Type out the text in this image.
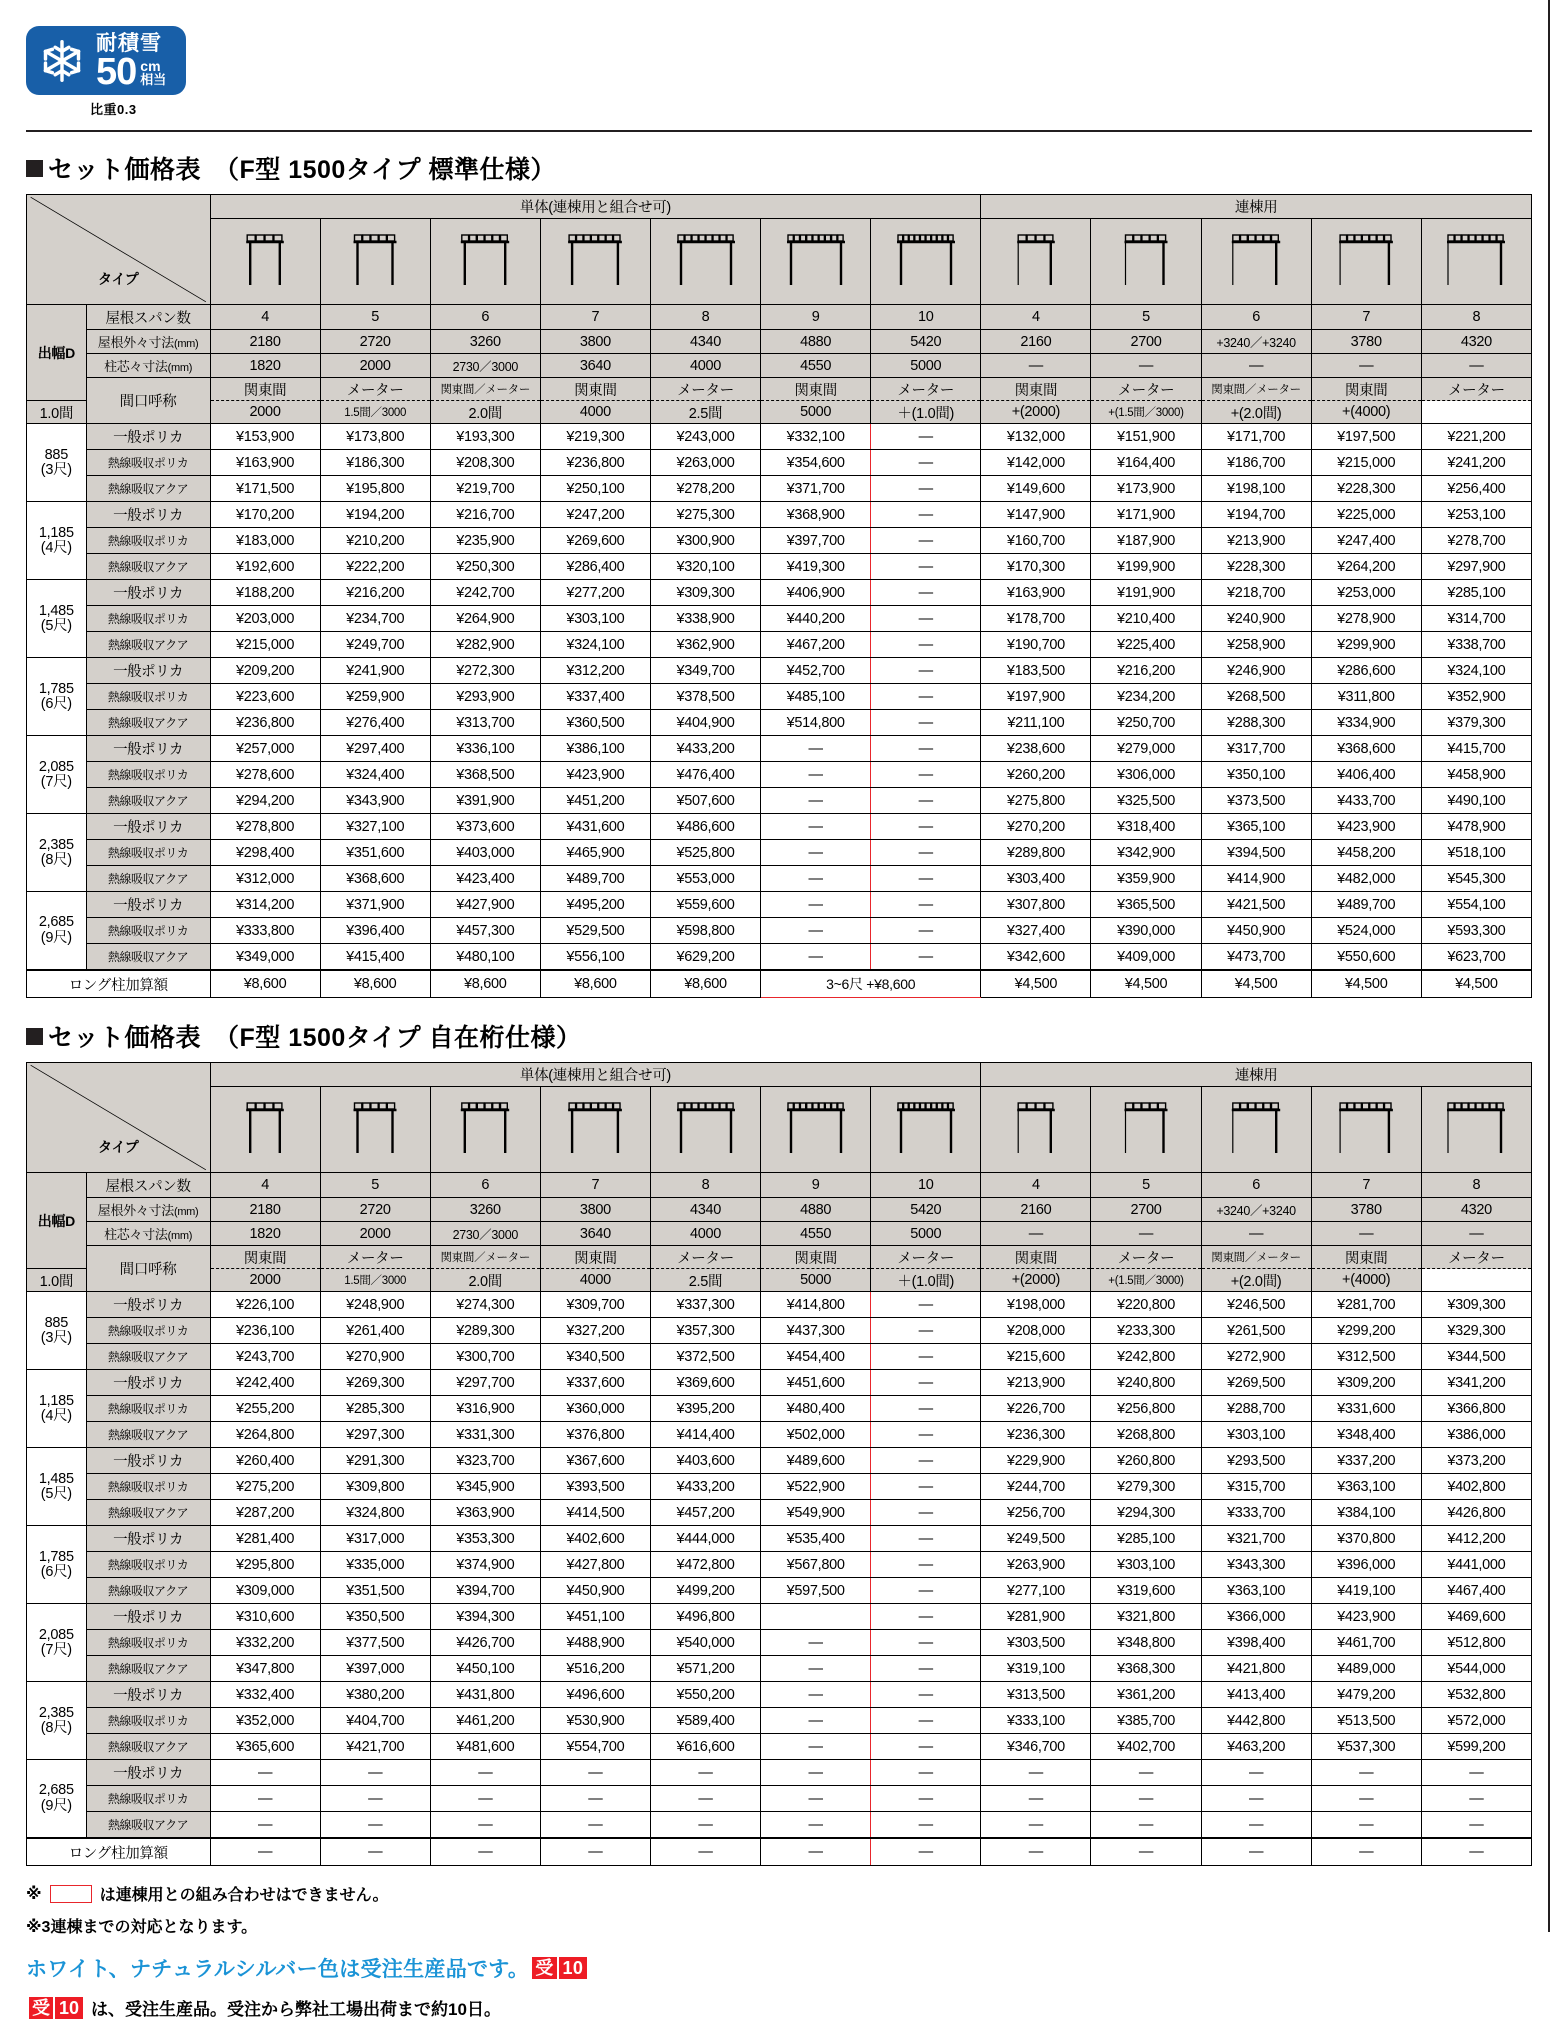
耐積雪
50 cm
相当
比重0.3
セット価格表　（F型 1500タイプ 標準仕様）
タイプ		単体(連棟用と組合せ可)							連棟用				

出幅D	屋根スパン数	4	5	6	7	8	9	10	4	5	6	7	8
	屋根外々寸法(mm)	2180	2720	3260	3800	4340	4880	5420	2160	2700	+3240／+3240	3780	4320
	柱芯々寸法(mm)	1820	2000	2730／3000	3640	4000	4550	5000	—	—	—	—	—
	間口呼称	関東間	メーター	関東間／メーター	関東間	メーター	関東間	メーター	関東間	メーター	関東間／メーター	関東間	メーター
1.0間		2000	1.5間／3000	2.0間	4000	2.5間	5000	＋(1.0間)	+(2000)	+(1.5間／3000)	+(2.0間)	+(4000)	
885
(3尺)	一般ポリカ	¥153,900	¥173,800	¥193,300	¥219,300	¥243,000	¥332,100	—	¥132,000	¥151,900	¥171,700	¥197,500	¥221,200
	熱線吸収ポリカ	¥163,900	¥186,300	¥208,300	¥236,800	¥263,000	¥354,600	—	¥142,000	¥164,400	¥186,700	¥215,000	¥241,200
	熱線吸収アクア	¥171,500	¥195,800	¥219,700	¥250,100	¥278,200	¥371,700	—	¥149,600	¥173,900	¥198,100	¥228,300	¥256,400
1,185
(4尺)	一般ポリカ	¥170,200	¥194,200	¥216,700	¥247,200	¥275,300	¥368,900	—	¥147,900	¥171,900	¥194,700	¥225,000	¥253,100
	熱線吸収ポリカ	¥183,000	¥210,200	¥235,900	¥269,600	¥300,900	¥397,700	—	¥160,700	¥187,900	¥213,900	¥247,400	¥278,700
	熱線吸収アクア	¥192,600	¥222,200	¥250,300	¥286,400	¥320,100	¥419,300	—	¥170,300	¥199,900	¥228,300	¥264,200	¥297,900
1,485
(5尺)	一般ポリカ	¥188,200	¥216,200	¥242,700	¥277,200	¥309,300	¥406,900	—	¥163,900	¥191,900	¥218,700	¥253,000	¥285,100
	熱線吸収ポリカ	¥203,000	¥234,700	¥264,900	¥303,100	¥338,900	¥440,200	—	¥178,700	¥210,400	¥240,900	¥278,900	¥314,700
	熱線吸収アクア	¥215,000	¥249,700	¥282,900	¥324,100	¥362,900	¥467,200	—	¥190,700	¥225,400	¥258,900	¥299,900	¥338,700
1,785
(6尺)	一般ポリカ	¥209,200	¥241,900	¥272,300	¥312,200	¥349,700	¥452,700	—	¥183,500	¥216,200	¥246,900	¥286,600	¥324,100
	熱線吸収ポリカ	¥223,600	¥259,900	¥293,900	¥337,400	¥378,500	¥485,100	—	¥197,900	¥234,200	¥268,500	¥311,800	¥352,900
	熱線吸収アクア	¥236,800	¥276,400	¥313,700	¥360,500	¥404,900	¥514,800	—	¥211,100	¥250,700	¥288,300	¥334,900	¥379,300
2,085
(7尺)	一般ポリカ	¥257,000	¥297,400	¥336,100	¥386,100	¥433,200	—	—	¥238,600	¥279,000	¥317,700	¥368,600	¥415,700
	熱線吸収ポリカ	¥278,600	¥324,400	¥368,500	¥423,900	¥476,400	—	—	¥260,200	¥306,000	¥350,100	¥406,400	¥458,900
	熱線吸収アクア	¥294,200	¥343,900	¥391,900	¥451,200	¥507,600	—	—	¥275,800	¥325,500	¥373,500	¥433,700	¥490,100
2,385
(8尺)	一般ポリカ	¥278,800	¥327,100	¥373,600	¥431,600	¥486,600	—	—	¥270,200	¥318,400	¥365,100	¥423,900	¥478,900
	熱線吸収ポリカ	¥298,400	¥351,600	¥403,000	¥465,900	¥525,800	—	—	¥289,800	¥342,900	¥394,500	¥458,200	¥518,100
	熱線吸収アクア	¥312,000	¥368,600	¥423,400	¥489,700	¥553,000	—	—	¥303,400	¥359,900	¥414,900	¥482,000	¥545,300
2,685
(9尺)	一般ポリカ	¥314,200	¥371,900	¥427,900	¥495,200	¥559,600	—	—	¥307,800	¥365,500	¥421,500	¥489,700	¥554,100
	熱線吸収ポリカ	¥333,800	¥396,400	¥457,300	¥529,500	¥598,800	—	—	¥327,400	¥390,000	¥450,900	¥524,000	¥593,300
	熱線吸収アクア	¥349,000	¥415,400	¥480,100	¥556,100	¥629,200	—	—	¥342,600	¥409,000	¥473,700	¥550,600	¥623,700
ロング柱加算額		¥8,600	¥8,600	¥8,600	¥8,600	¥8,600	3~6尺 +¥8,600		¥4,500	¥4,500	¥4,500	¥4,500	¥4,500
セット価格表　（F型 1500タイプ 自在桁仕様）
タイプ		単体(連棟用と組合せ可)							連棟用				

出幅D	屋根スパン数	4	5	6	7	8	9	10	4	5	6	7	8
	屋根外々寸法(mm)	2180	2720	3260	3800	4340	4880	5420	2160	2700	+3240／+3240	3780	4320
	柱芯々寸法(mm)	1820	2000	2730／3000	3640	4000	4550	5000	—	—	—	—	—
	間口呼称	関東間	メーター	関東間／メーター	関東間	メーター	関東間	メーター	関東間	メーター	関東間／メーター	関東間	メーター
1.0間		2000	1.5間／3000	2.0間	4000	2.5間	5000	＋(1.0間)	+(2000)	+(1.5間／3000)	+(2.0間)	+(4000)	
885
(3尺)	一般ポリカ	¥226,100	¥248,900	¥274,300	¥309,700	¥337,300	¥414,800	—	¥198,000	¥220,800	¥246,500	¥281,700	¥309,300
	熱線吸収ポリカ	¥236,100	¥261,400	¥289,300	¥327,200	¥357,300	¥437,300	—	¥208,000	¥233,300	¥261,500	¥299,200	¥329,300
	熱線吸収アクア	¥243,700	¥270,900	¥300,700	¥340,500	¥372,500	¥454,400	—	¥215,600	¥242,800	¥272,900	¥312,500	¥344,500
1,185
(4尺)	一般ポリカ	¥242,400	¥269,300	¥297,700	¥337,600	¥369,600	¥451,600	—	¥213,900	¥240,800	¥269,500	¥309,200	¥341,200
	熱線吸収ポリカ	¥255,200	¥285,300	¥316,900	¥360,000	¥395,200	¥480,400	—	¥226,700	¥256,800	¥288,700	¥331,600	¥366,800
	熱線吸収アクア	¥264,800	¥297,300	¥331,300	¥376,800	¥414,400	¥502,000	—	¥236,300	¥268,800	¥303,100	¥348,400	¥386,000
1,485
(5尺)	一般ポリカ	¥260,400	¥291,300	¥323,700	¥367,600	¥403,600	¥489,600	—	¥229,900	¥260,800	¥293,500	¥337,200	¥373,200
	熱線吸収ポリカ	¥275,200	¥309,800	¥345,900	¥393,500	¥433,200	¥522,900	—	¥244,700	¥279,300	¥315,700	¥363,100	¥402,800
	熱線吸収アクア	¥287,200	¥324,800	¥363,900	¥414,500	¥457,200	¥549,900	—	¥256,700	¥294,300	¥333,700	¥384,100	¥426,800
1,785
(6尺)	一般ポリカ	¥281,400	¥317,000	¥353,300	¥402,600	¥444,000	¥535,400	—	¥249,500	¥285,100	¥321,700	¥370,800	¥412,200
	熱線吸収ポリカ	¥295,800	¥335,000	¥374,900	¥427,800	¥472,800	¥567,800	—	¥263,900	¥303,100	¥343,300	¥396,000	¥441,000
	熱線吸収アクア	¥309,000	¥351,500	¥394,700	¥450,900	¥499,200	¥597,500	—	¥277,100	¥319,600	¥363,100	¥419,100	¥467,400
2,085
(7尺)	一般ポリカ	¥310,600	¥350,500	¥394,300	¥451,100	¥496,800		—	¥281,900	¥321,800	¥366,000	¥423,900	¥469,600
	熱線吸収ポリカ	¥332,200	¥377,500	¥426,700	¥488,900	¥540,000	—	—	¥303,500	¥348,800	¥398,400	¥461,700	¥512,800
	熱線吸収アクア	¥347,800	¥397,000	¥450,100	¥516,200	¥571,200	—	—	¥319,100	¥368,300	¥421,800	¥489,000	¥544,000
2,385
(8尺)	一般ポリカ	¥332,400	¥380,200	¥431,800	¥496,600	¥550,200	—	—	¥313,500	¥361,200	¥413,400	¥479,200	¥532,800
	熱線吸収ポリカ	¥352,000	¥404,700	¥461,200	¥530,900	¥589,400	—	—	¥333,100	¥385,700	¥442,800	¥513,500	¥572,000
	熱線吸収アクア	¥365,600	¥421,700	¥481,600	¥554,700	¥616,600	—	—	¥346,700	¥402,700	¥463,200	¥537,300	¥599,200
2,685
(9尺)	一般ポリカ	—	—	—	—	—	—	—	—	—	—	—	—
	熱線吸収ポリカ	—	—	—	—	—	—	—	—	—	—	—	—
	熱線吸収アクア	—	—	—	—	—	—	—	—	—	—	—	—
ロング柱加算額		—	—	—	—	—	—	—	—	—	—	—	—
※	は連棟用との組み合わせはできません。
※3連棟までの対応となります。
ホワイト、ナチュラルシルバー色は受注生産品です。 受 10
受 10 は、受注生産品。受注から弊社工場出荷まで約10日。
